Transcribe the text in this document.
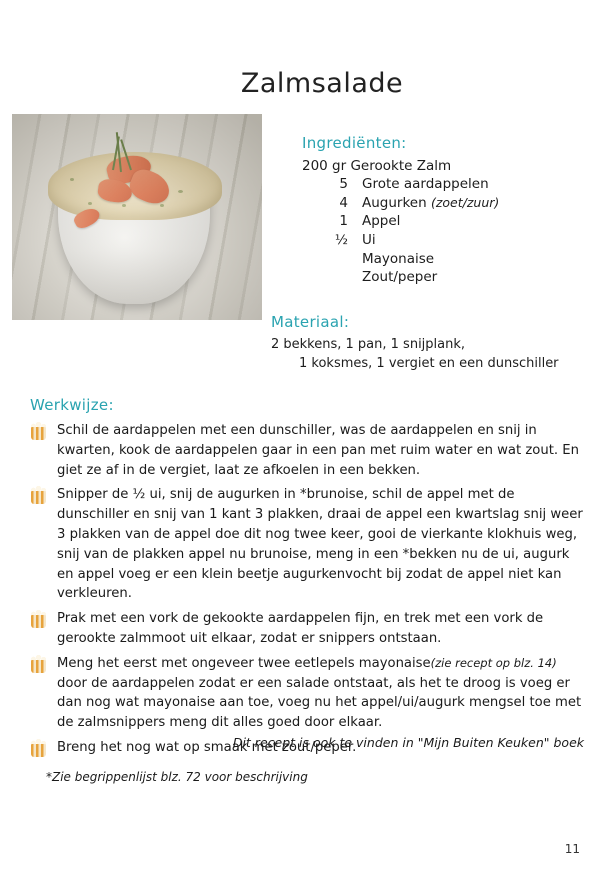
Zalmsalade
Ingrediënten:
200 gr Gerookte Zalm
5	Grote aardappelen
4	Augurken (zoet/zuur)
1	Appel
½	Ui
Mayonaise
Zout/peper
Materiaal:
2 bekkens, 1 pan, 1 snijplank,
1 koksmes, 1 vergiet en een dunschiller
Werkwijze:
Schil de aardappelen met een dunschiller, was de aardappelen en snij in kwarten, kook de aardappelen gaar in een pan met ruim water en wat zout. En giet ze af in de vergiet, laat ze afkoelen in een bekken.
Snipper de ½ ui, snij de augurken in *brunoise, schil de appel met de dunschiller en snij van 1 kant 3 plakken, draai de appel een kwartslag snij weer 3 plakken van de appel doe dit nog twee keer, gooi de vierkante klokhuis weg, snij van de plakken appel nu brunoise, meng in een *bekken nu de ui, augurk en appel voeg er een klein beetje augurkenvocht bij zodat de appel niet kan verkleuren.
Prak met een vork de gekookte aardappelen fijn, en trek met een vork de gerookte zalmmoot uit elkaar, zodat er snippers ontstaan.
Meng het eerst met ongeveer twee eetlepels mayonaise(zie recept op blz. 14) door de aardappelen zodat er een salade ontstaat, als het te droog is voeg er dan nog wat mayonaise aan toe, voeg nu het appel/ui/augurk mengsel toe met de zalmsnippers meng dit alles goed door elkaar.
Breng het nog wat op smaak met zout/peper.
Dit recept is ook te vinden in "Mijn Buiten Keuken" boek
*Zie begrippenlijst blz. 72 voor beschrijving
11
